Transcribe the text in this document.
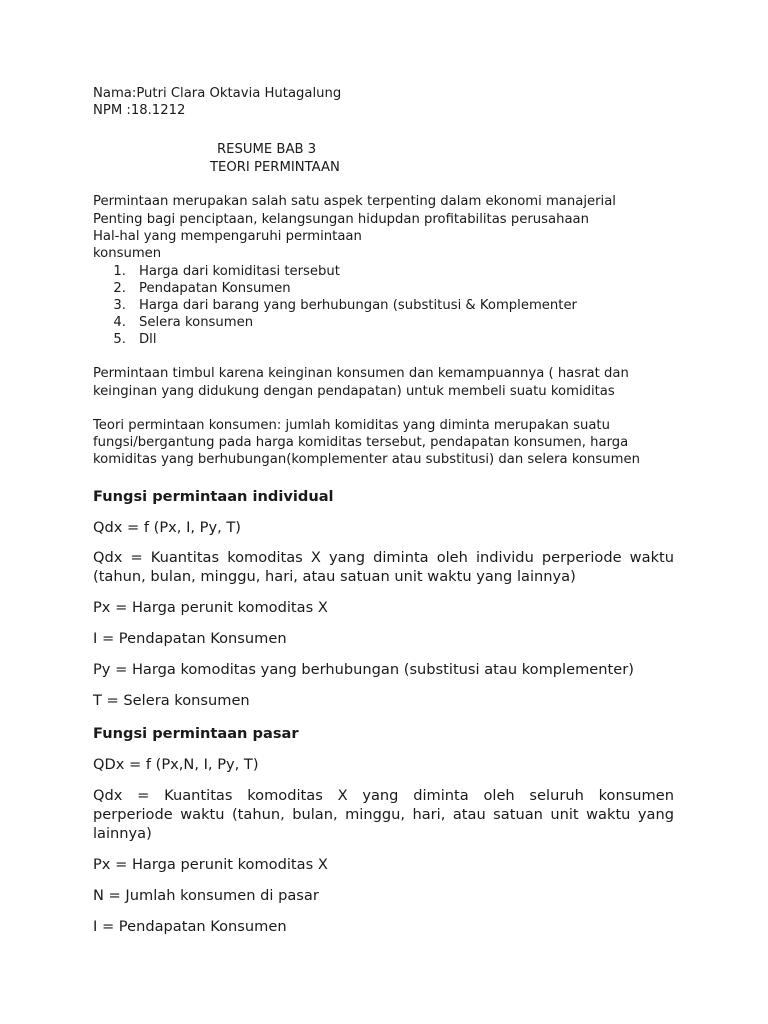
Nama:Putri Clara Oktavia Hutagalung
NPM :18.1212
RESUME BAB 3
TEORI PERMINTAAN
Permintaan merupakan salah satu aspek terpenting dalam ekonomi manajerial
Penting bagi penciptaan, kelangsungan hidupdan profitabilitas perusahaan
Hal-hal yang mempengaruhi permintaan
konsumen
1. Harga dari komiditasi tersebut
2. Pendapatan Konsumen
3. Harga dari barang yang berhubungan (substitusi & Komplementer
4. Selera konsumen
5. Dll
Permintaan timbul karena keinginan konsumen dan kemampuannya ( hasrat dan
keinginan yang didukung dengan pendapatan) untuk membeli suatu komiditas
Teori permintaan konsumen: jumlah komiditas yang diminta merupakan suatu
fungsi/bergantung pada harga komiditas tersebut, pendapatan konsumen, harga
komiditas yang berhubungan(komplementer atau substitusi) dan selera konsumen
Fungsi permintaan individual
Qdx = f (Px, I, Py, T)
Qdx = Kuantitas komoditas X yang diminta oleh individu perperiode waktu
(tahun, bulan, minggu, hari, atau satuan unit waktu yang lainnya)
Px = Harga perunit komoditas X
I = Pendapatan Konsumen
Py = Harga komoditas yang berhubungan (substitusi atau komplementer)
T = Selera konsumen
Fungsi permintaan pasar
QDx = f (Px,N, I, Py, T)
Qdx = Kuantitas komoditas X yang diminta oleh seluruh konsumen
perperiode waktu (tahun, bulan, minggu, hari, atau satuan unit waktu yang
lainnya)
Px = Harga perunit komoditas X
N = Jumlah konsumen di pasar
I = Pendapatan Konsumen
